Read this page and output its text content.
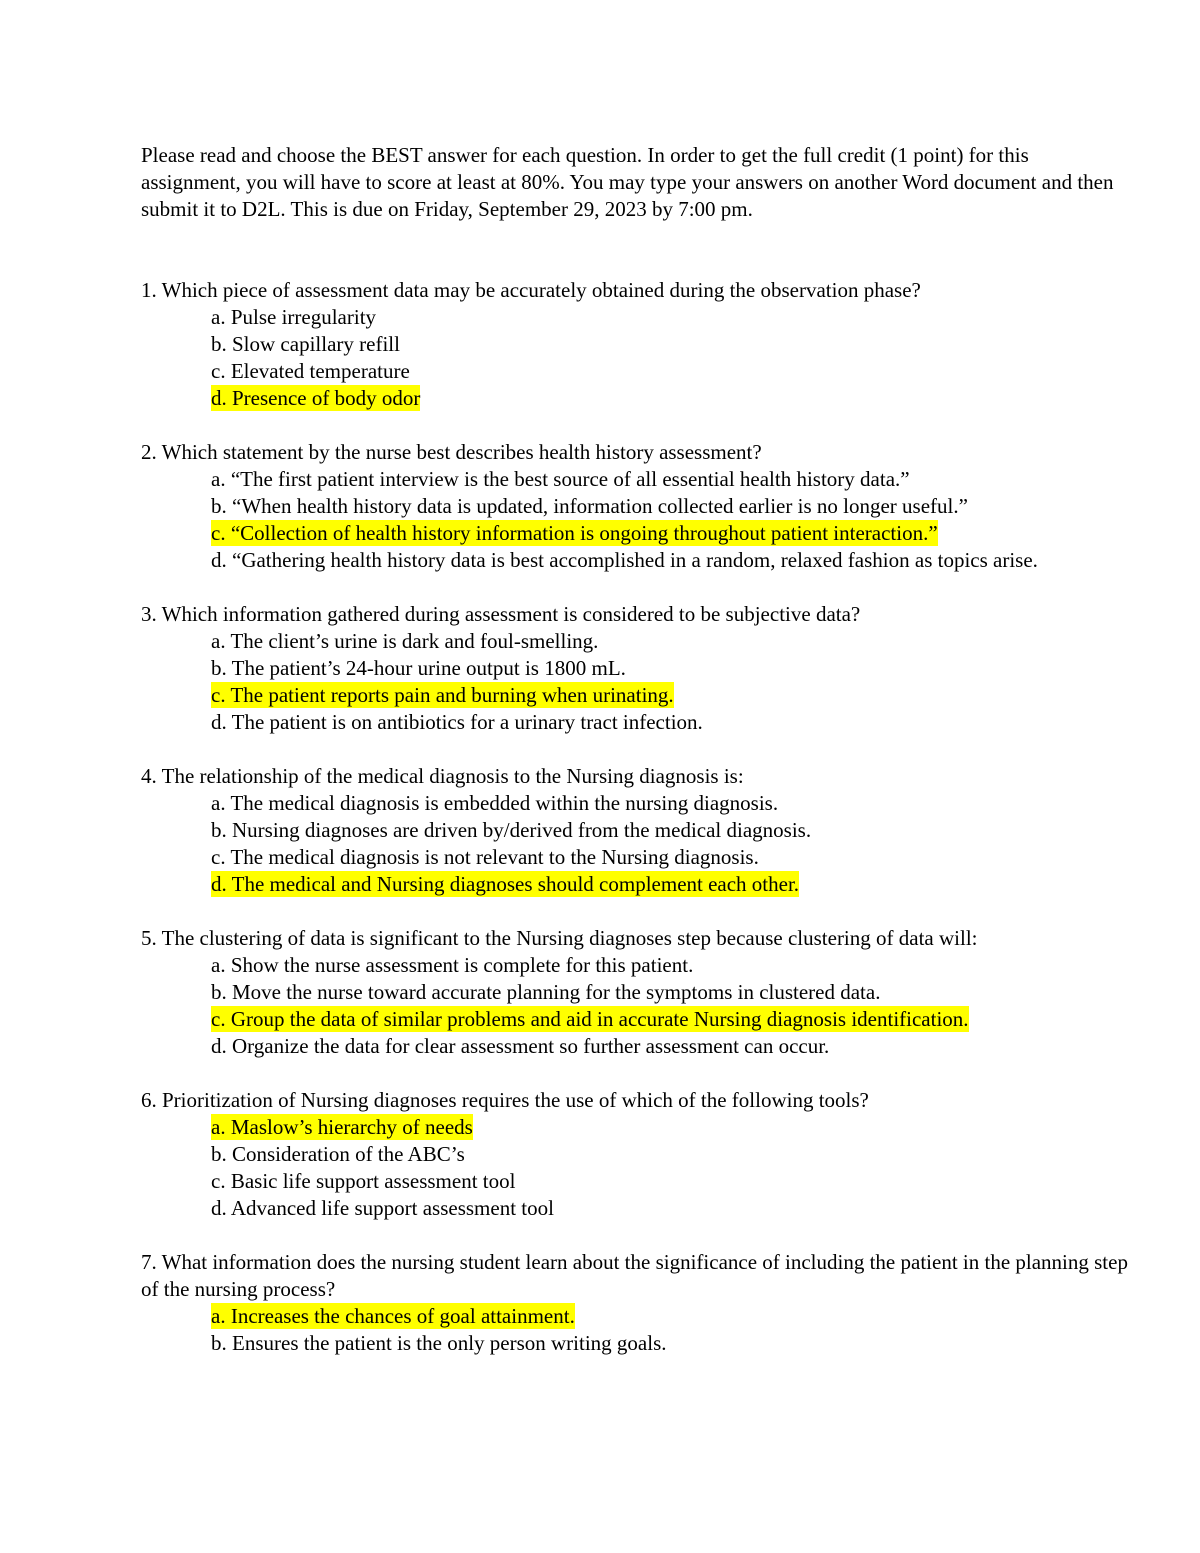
Please read and choose the BEST answer for each question. In order to get the full credit (1 point) for this assignment, you will have to score at least at 80%. You may type your answers on another Word document and then submit it to D2L. This is due on Friday, September 29, 2023 by 7:00 pm.

1. Which piece of assessment data may be accurately obtained during the observation phase?

a. Pulse irregularity
b. Slow capillary refill
c. Elevated temperature
d. Presence of body odor

2. Which statement by the nurse best describes health history assessment?

a. “The first patient interview is the best source of all essential health history data.”
b. “When health history data is updated, information collected earlier is no longer useful.”
c. “Collection of health history information is ongoing throughout patient interaction.”
d. “Gathering health history data is best accomplished in a random, relaxed fashion as topics arise.

3. Which information gathered during assessment is considered to be subjective data?

a. The client’s urine is dark and foul-smelling.
b. The patient’s 24-hour urine output is 1800 mL.
c. The patient reports pain and burning when urinating.
d. The patient is on antibiotics for a urinary tract infection.

4. The relationship of the medical diagnosis to the Nursing diagnosis is:

a. The medical diagnosis is embedded within the nursing diagnosis.
b. Nursing diagnoses are driven by/derived from the medical diagnosis.
c. The medical diagnosis is not relevant to the Nursing diagnosis.
d. The medical and Nursing diagnoses should complement each other.

5. The clustering of data is significant to the Nursing diagnoses step because clustering of data will:

a. Show the nurse assessment is complete for this patient.
b. Move the nurse toward accurate planning for the symptoms in clustered data.
c. Group the data of similar problems and aid in accurate Nursing diagnosis identification.
d. Organize the data for clear assessment so further assessment can occur.

6. Prioritization of Nursing diagnoses requires the use of which of the following tools?

a. Maslow’s hierarchy of needs
b. Consideration of the ABC’s
c. Basic life support assessment tool
d. Advanced life support assessment tool

7. What information does the nursing student learn about the significance of including the patient in the planning step of the nursing process?

a. Increases the chances of goal attainment.
b. Ensures the patient is the only person writing goals.
